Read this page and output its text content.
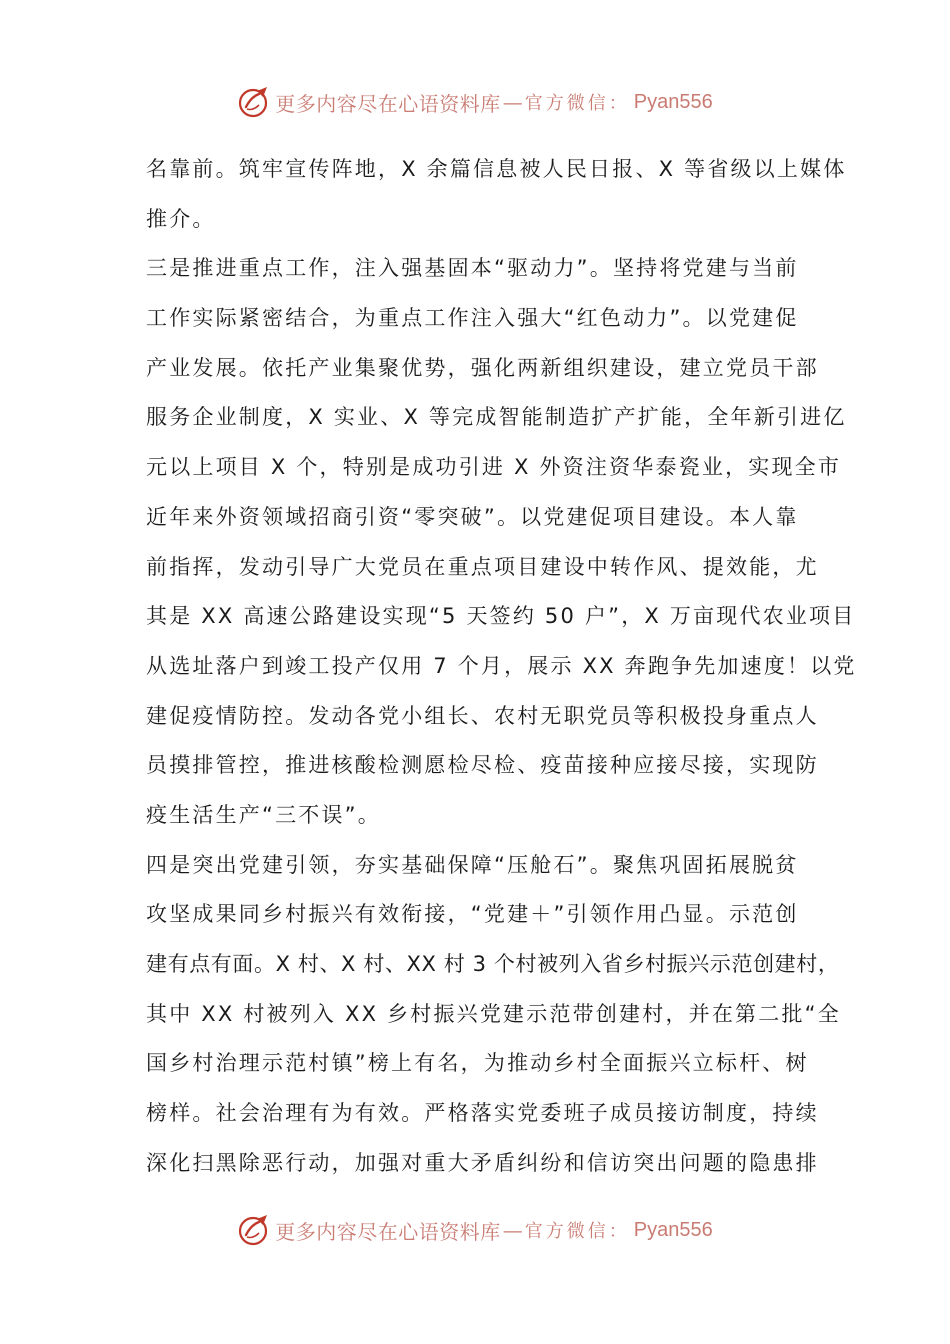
更多内容尽在心语资料库 — 官方微信： Pyan556
名靠前。筑牢宣传阵地，X 余篇信息被人民日报、X 等省级以上媒体
推介。
三是推进重点工作，注入强基固本“驱动力”。坚持将党建与当前
工作实际紧密结合，为重点工作注入强大“红色动力”。以党建促
产业发展。依托产业集聚优势，强化两新组织建设，建立党员干部
服务企业制度，X 实业、X 等完成智能制造扩产扩能，全年新引进亿
元以上项目 X 个，特别是成功引进 X 外资注资华泰瓷业，实现全市
近年来外资领域招商引资“零突破”。以党建促项目建设。本人靠
前指挥，发动引导广大党员在重点项目建设中转作风、提效能，尤
其是 XX 高速公路建设实现“5 天签约 50 户”，X 万亩现代农业项目
从选址落户到竣工投产仅用 7 个月，展示 XX 奔跑争先加速度！以党
建促疫情防控。发动各党小组长、农村无职党员等积极投身重点人
员摸排管控，推进核酸检测愿检尽检、疫苗接种应接尽接，实现防
疫生活生产“三不误”。
四是突出党建引领，夯实基础保障“压舱石”。聚焦巩固拓展脱贫
攻坚成果同乡村振兴有效衔接，“党建＋”引领作用凸显。示范创
建有点有面。X 村、X 村、XX 村 3 个村被列入省乡村振兴示范创建村，
其中 XX 村被列入 XX 乡村振兴党建示范带创建村，并在第二批“全
国乡村治理示范村镇”榜上有名，为推动乡村全面振兴立标杆、树
榜样。社会治理有为有效。严格落实党委班子成员接访制度，持续
深化扫黑除恶行动，加强对重大矛盾纠纷和信访突出问题的隐患排
更多内容尽在心语资料库 — 官方微信： Pyan556
